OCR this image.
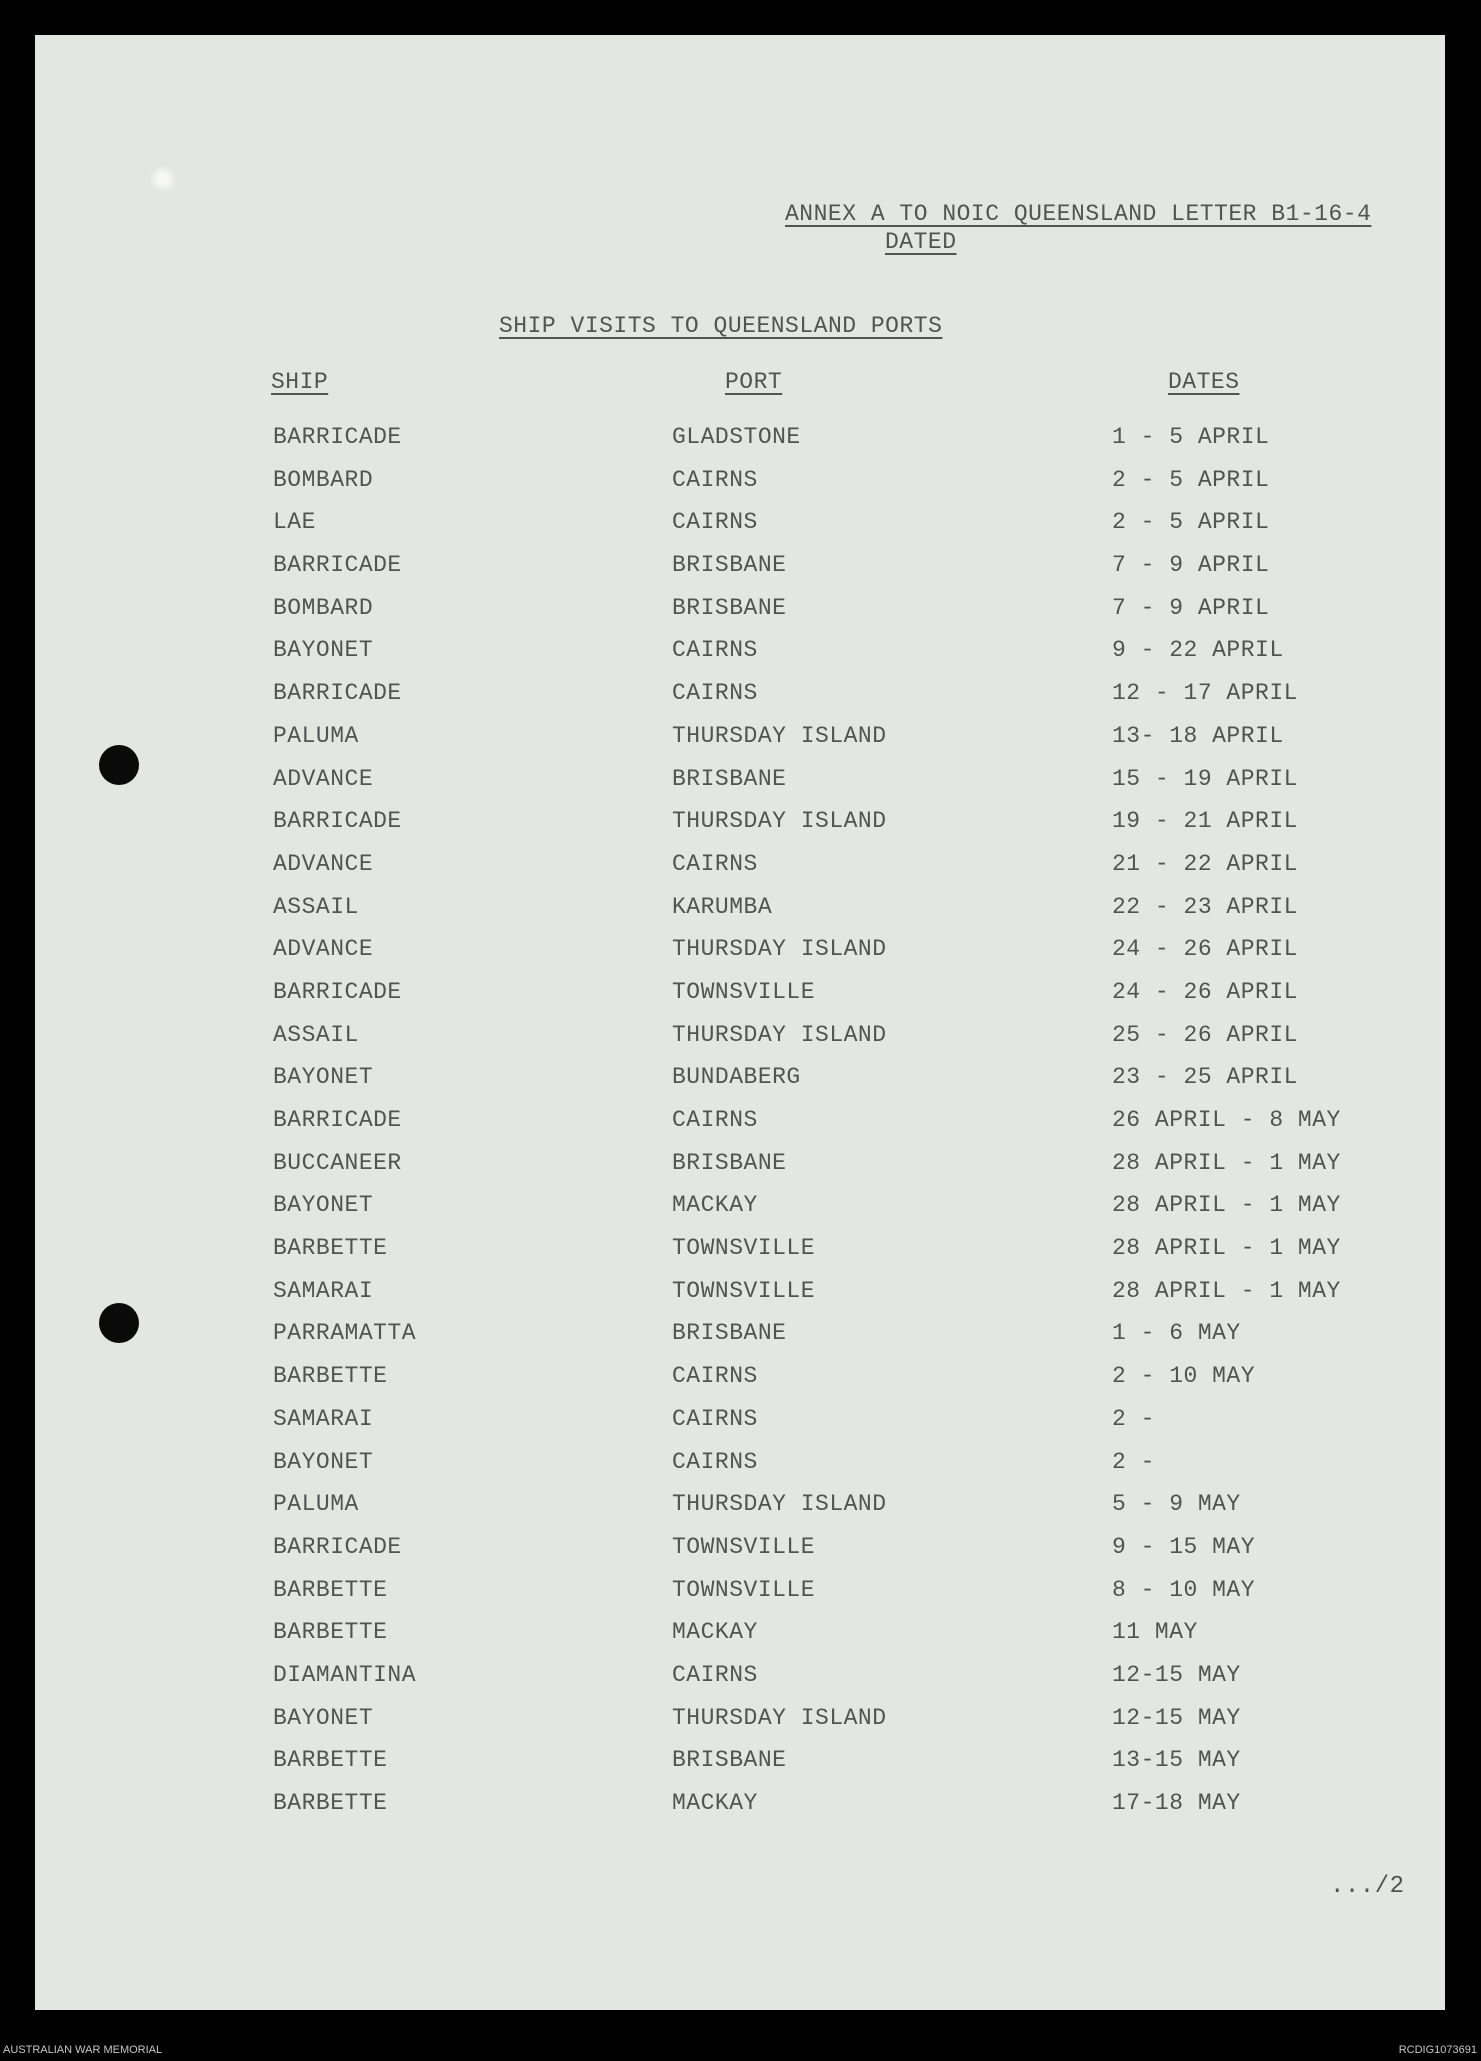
ANNEX A TO NOIC QUEENSLAND LETTER B1-16-4
DATED
SHIP VISITS TO QUEENSLAND PORTS
SHIP	PORT	DATES
BARRICADE	GLADSTONE	1 - 5 APRIL
BOMBARD	CAIRNS	2 - 5 APRIL
LAE	CAIRNS	2 - 5 APRIL
BARRICADE	BRISBANE	7 - 9 APRIL
BOMBARD	BRISBANE	7 - 9 APRIL
BAYONET	CAIRNS	9 - 22 APRIL
BARRICADE	CAIRNS	12 - 17 APRIL
PALUMA	THURSDAY ISLAND	13- 18 APRIL
ADVANCE	BRISBANE	15 - 19 APRIL
BARRICADE	THURSDAY ISLAND	19 - 21 APRIL
ADVANCE	CAIRNS	21 - 22 APRIL
ASSAIL	KARUMBA	22 - 23 APRIL
ADVANCE	THURSDAY ISLAND	24 - 26 APRIL
BARRICADE	TOWNSVILLE	24 - 26 APRIL
ASSAIL	THURSDAY ISLAND	25 - 26 APRIL
BAYONET	BUNDABERG	23 - 25 APRIL
BARRICADE	CAIRNS	26 APRIL - 8 MAY
BUCCANEER	BRISBANE	28 APRIL - 1 MAY
BAYONET	MACKAY	28 APRIL - 1 MAY
BARBETTE	TOWNSVILLE	28 APRIL - 1 MAY
SAMARAI	TOWNSVILLE	28 APRIL - 1 MAY
PARRAMATTA	BRISBANE	1 - 6 MAY
BARBETTE	CAIRNS	2 - 10 MAY
SAMARAI	CAIRNS	2 -
BAYONET	CAIRNS	2 -
PALUMA	THURSDAY ISLAND	5 - 9 MAY
BARRICADE	TOWNSVILLE	9 - 15 MAY
BARBETTE	TOWNSVILLE	8 - 10 MAY
BARBETTE	MACKAY	11 MAY
DIAMANTINA	CAIRNS	12-15 MAY
BAYONET	THURSDAY ISLAND	12-15 MAY
BARBETTE	BRISBANE	13-15 MAY
BARBETTE	MACKAY	17-18 MAY
.../2
AUSTRALIAN WAR MEMORIAL	RCDIG1073691
